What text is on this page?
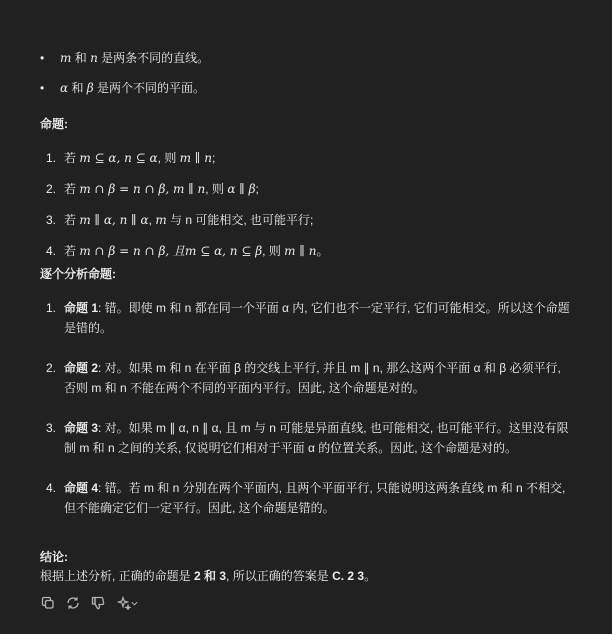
• m 和 n 是两条不同的直线。
• α 和 β 是两个不同的平面。
命题:
1. 若 m ⊆ α, n ⊆ α, 则 m ∥ n;
2. 若 m ∩ β = n ∩ β, m ∥ n, 则 α ∥ β;
3. 若 m ∥ α, n ∥ α, m 与 n 可能相交, 也可能平行;
4. 若 m ∩ β = n ∩ β, 且m ⊆ α, n ⊆ β, 则 m ∥ n。
逐个分析命题:
1. 命题 1: 错。即使 m 和 n 都在同一个平面 α 内, 它们也不一定平行, 它们可能相交。所以这个命题是错的。
2. 命题 2: 对。如果 m 和 n 在平面 β 的交线上平行, 并且 m ∥ n, 那么这两个平面 α 和 β 必须平行, 否则 m 和 n 不能在两个不同的平面内平行。因此, 这个命题是对的。
3. 命题 3: 对。如果 m ∥ α, n ∥ α, 且 m 与 n 可能是异面直线, 也可能相交, 也可能平行。这里没有限制 m 和 n 之间的关系, 仅说明它们相对于平面 α 的位置关系。因此, 这个命题是对的。
4. 命题 4: 错。若 m 和 n 分别在两个平面内, 且两个平面平行, 只能说明这两条直线 m 和 n 不相交, 但不能确定它们一定平行。因此, 这个命题是错的。
结论:
根据上述分析, 正确的命题是 2 和 3, 所以正确的答案是 C. 2 3。
